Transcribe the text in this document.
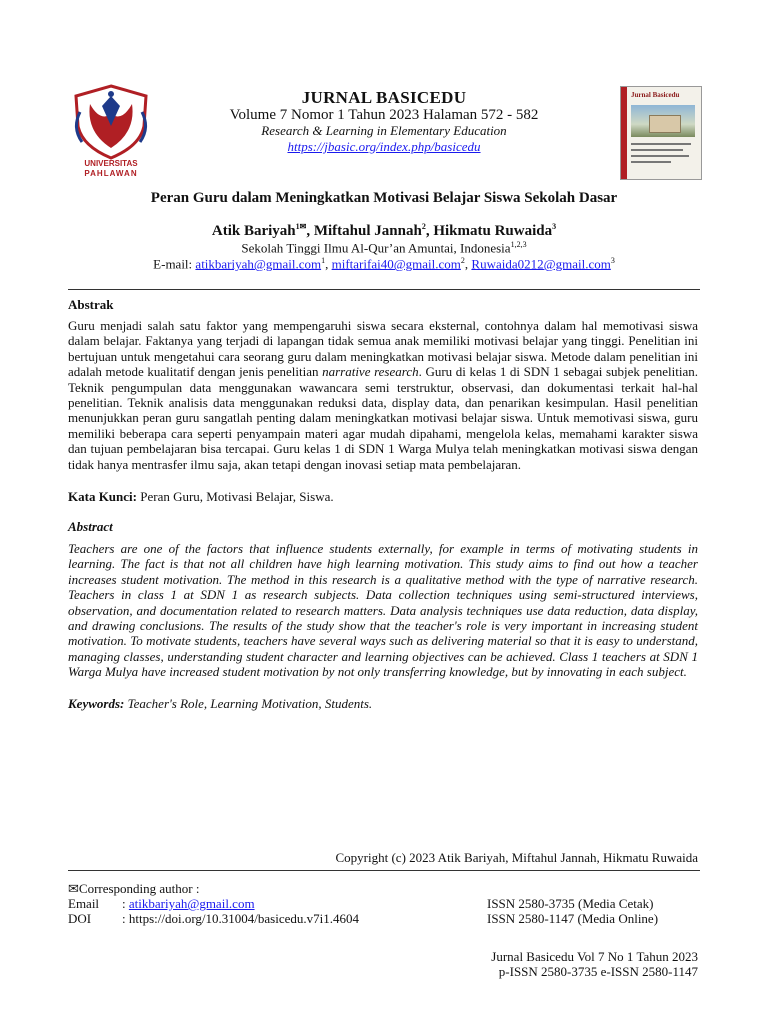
UNIVERSITAS
PAHLAWAN
Jurnal Basicedu
JURNAL BASICEDU
Volume 7 Nomor 1 Tahun 2023 Halaman 572 - 582
Research & Learning in Elementary Education
https://jbasic.org/index.php/basicedu
Peran Guru dalam Meningkatkan Motivasi Belajar Siswa Sekolah Dasar
Atik Bariyah$^{1✉}$, Miftahul Jannah$^2$, Hikmatu Ruwaida$^3$
Sekolah Tinggi Ilmu Al-Qur’an Amuntai, Indonesia$^{1,2,3}$
E-mail: atikbariyah@gmail.com$^1$, miftarifai40@gmail.com$^2$, Ruwaida0212@gmail.com$^3$
Abstrak
Guru menjadi salah satu faktor yang mempengaruhi siswa secara eksternal, contohnya dalam hal memotivasi siswa dalam belajar. Faktanya yang terjadi di lapangan tidak semua anak memiliki motivasi belajar yang tinggi. Penelitian ini bertujuan untuk mengetahui cara seorang guru dalam meningkatkan motivasi belajar siswa. Metode dalam penelitian ini adalah metode kualitatif dengan jenis penelitian narrative research. Guru di kelas 1 di SDN 1 sebagai subjek penelitian. Teknik pengumpulan data menggunakan wawancara semi terstruktur, observasi, dan dokumentasi terkait hal-hal penelitian. Teknik analisis data menggunakan reduksi data, display data, dan penarikan kesimpulan. Hasil penelitian menunjukkan peran guru sangatlah penting dalam meningkatkan motivasi belajar siswa. Untuk memotivasi siswa, guru memiliki beberapa cara seperti penyampain materi agar mudah dipahami, mengelola kelas, memahami karakter siswa dan tujuan pembelajaran bisa tercapai. Guru kelas 1 di SDN 1 Warga Mulya telah meningkatkan motivasi siswa dengan tidak hanya mentrasfer ilmu saja, akan tetapi dengan inovasi setiap mata pembelajaran.
Kata Kunci: Peran Guru, Motivasi Belajar, Siswa.
Abstract
Teachers are one of the factors that influence students externally, for example in terms of motivating students in learning. The fact is that not all children have high learning motivation. This study aims to find out how a teacher increases student motivation. The method in this research is a qualitative method with the type of narrative research. Teachers in class 1 at SDN 1 as research subjects. Data collection techniques using semi-structured interviews, observation, and documentation related to research matters. Data analysis techniques use data reduction, data display, and drawing conclusions. The results of the study show that the teacher's role is very important in increasing student motivation. To motivate students, teachers have several ways such as delivering material so that it is easy to understand, managing classes, understanding student character and learning objectives can be achieved. Class 1 teachers at SDN 1 Warga Mulya have increased student motivation by not only transferring knowledge, but by innovating in each subject.
Keywords: Teacher's Role, Learning Motivation, Students.
Copyright (c) 2023 Atik Bariyah, Miftahul Jannah, Hikmatu Ruwaida
✉Corresponding author :
Email : atikbariyah@gmail.com
DOI : https://doi.org/10.31004/basicedu.v7i1.4604
ISSN 2580-3735 (Media Cetak)
ISSN 2580-1147 (Media Online)
Jurnal Basicedu Vol 7 No 1 Tahun 2023
p-ISSN 2580-3735 e-ISSN 2580-1147
